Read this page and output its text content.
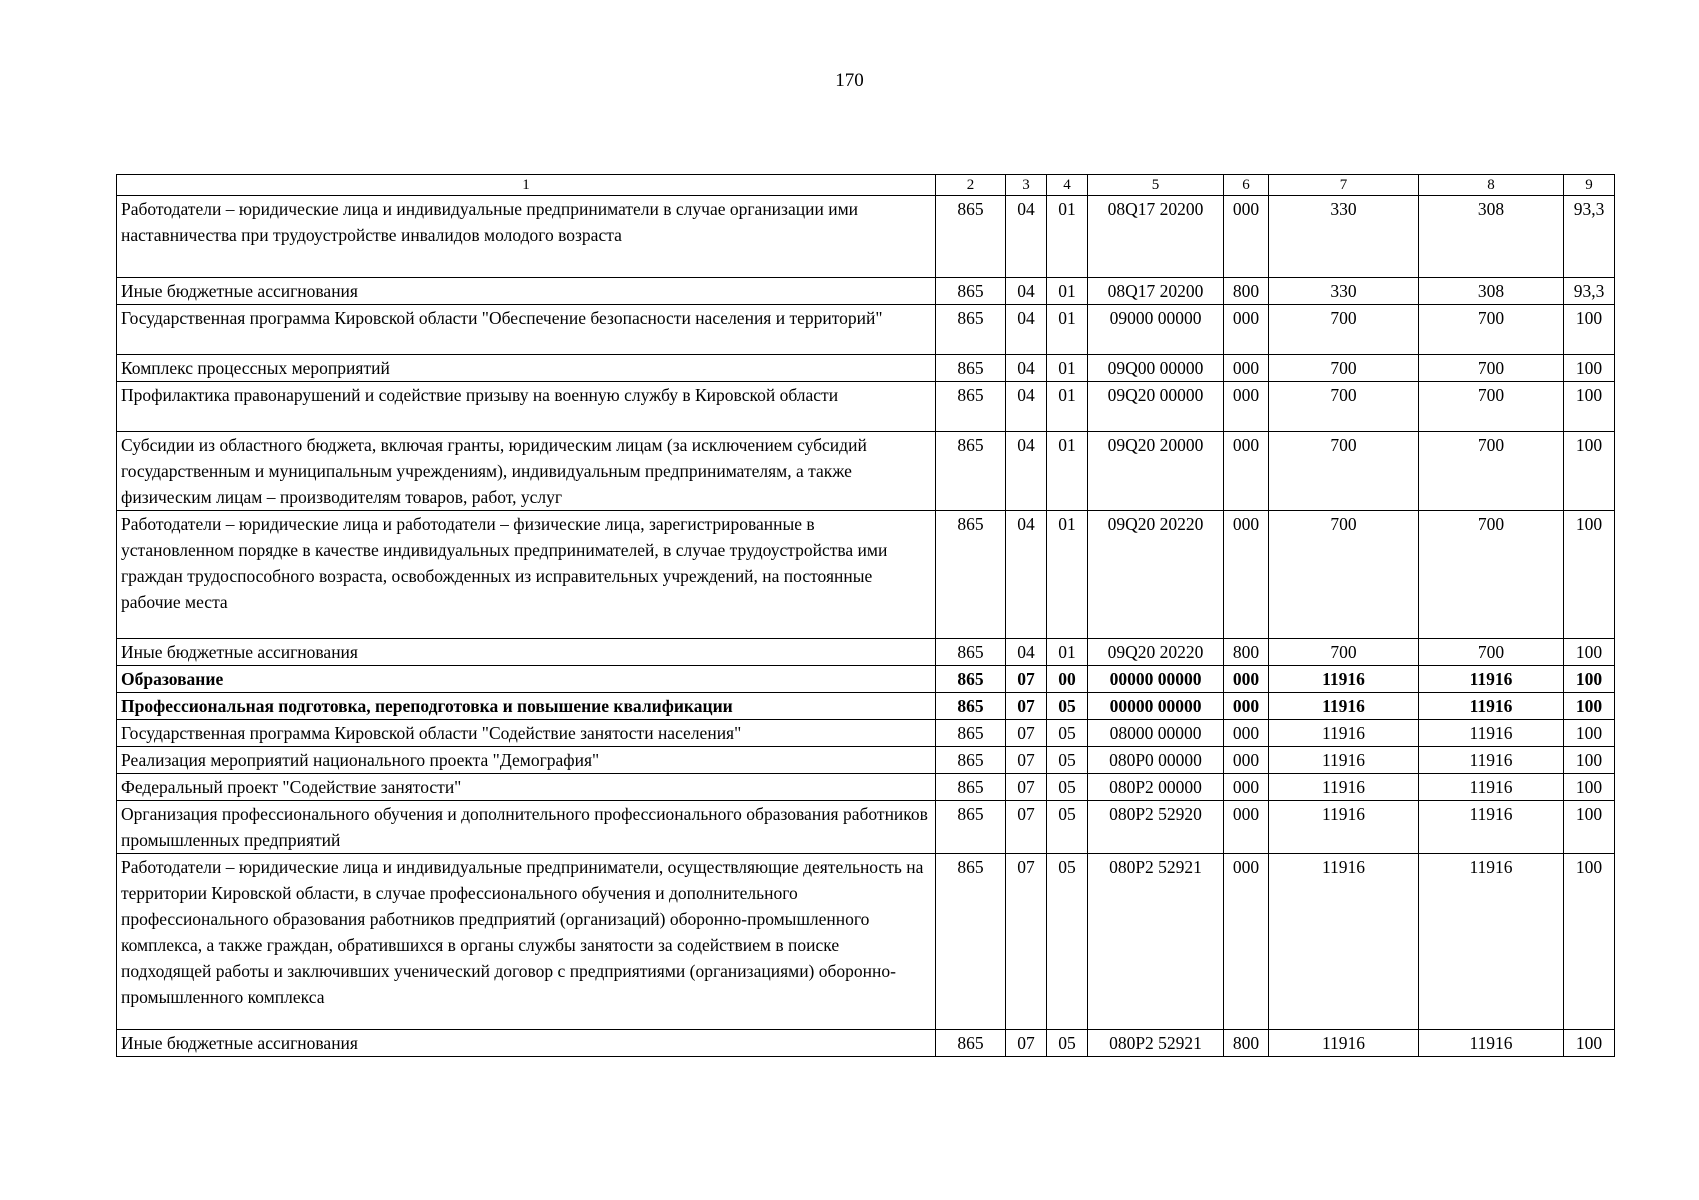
170
1	2	3	4	5	6	7	8	9
Работодатели – юридические лица и индивидуальные предприниматели в случае организации ими наставничества при трудоустройстве инвалидов молодого возраста	865	04	01	08Q17 20200	000	330	308	93,3
Иные бюджетные ассигнования	865	04	01	08Q17 20200	800	330	308	93,3
Государственная программа Кировской области "Обеспечение безопасности населения и территорий"	865	04	01	09000 00000	000	700	700	100
Комплекс процессных мероприятий	865	04	01	09Q00 00000	000	700	700	100
Профилактика правонарушений и содействие призыву на военную службу в Кировской области	865	04	01	09Q20 00000	000	700	700	100
Субсидии из областного бюджета, включая гранты, юридическим лицам (за исключением субсидий государственным и муниципальным учреждениям), индивидуальным предпринимателям, а также физическим лицам – производителям товаров, работ, услуг	865	04	01	09Q20 20000	000	700	700	100
Работодатели – юридические лица и работодатели – физические лица, зарегистрированные в установленном порядке в качестве индивидуальных предпринимателей, в случае трудоустройства ими граждан трудоспособного возраста, освобожденных из исправительных учреждений, на постоянные рабочие места	865	04	01	09Q20 20220	000	700	700	100
Иные бюджетные ассигнования	865	04	01	09Q20 20220	800	700	700	100
Образование	865	07	00	00000 00000	000	11916	11916	100
Профессиональная подготовка, переподготовка и повышение квалификации	865	07	05	00000 00000	000	11916	11916	100
Государственная программа Кировской области "Содействие занятости населения"	865	07	05	08000 00000	000	11916	11916	100
Реализация мероприятий национального проекта "Демография"	865	07	05	080P0 00000	000	11916	11916	100
Федеральный проект "Содействие занятости"	865	07	05	080P2 00000	000	11916	11916	100
Организация профессионального обучения и дополнительного профессионального образования работников промышленных предприятий	865	07	05	080P2 52920	000	11916	11916	100
Работодатели – юридические лица и индивидуальные предприниматели, осуществляющие деятельность на территории Кировской области, в случае профессионального обучения и дополнительного профессионального образования работников предприятий (организаций) оборонно-промышленного комплекса, а также граждан, обратившихся в органы службы занятости за содействием в поиске подходящей работы и заключивших ученический договор с предприятиями (организациями) оборонно-промышленного комплекса	865	07	05	080P2 52921	000	11916	11916	100
Иные бюджетные ассигнования	865	07	05	080P2 52921	800	11916	11916	100
